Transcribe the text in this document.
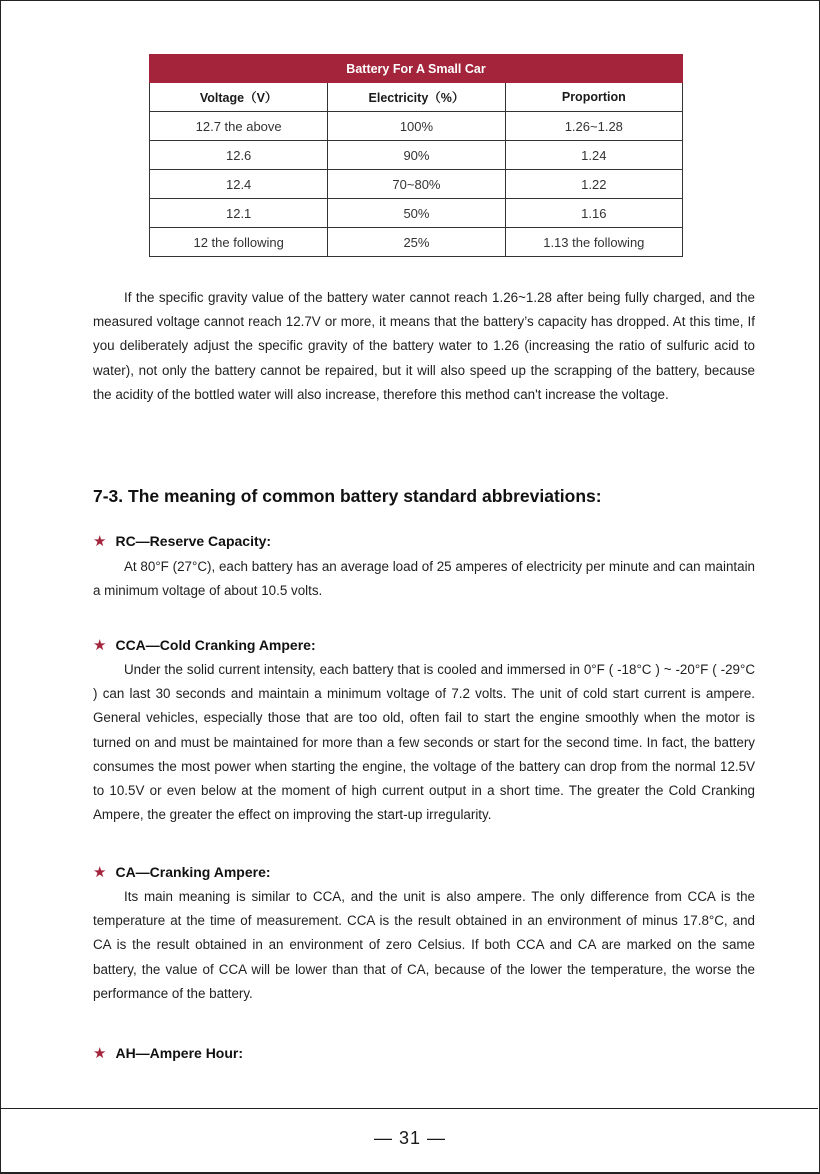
Battery For A Small Car		
Voltage（V）	Electricity（%）	Proportion
12.7 the above	100%	1.26~1.28
12.6	90%	1.24
12.4	70~80%	1.22
12.1	50%	1.16
12 the following	25%	1.13 the following
If the specific gravity value of the battery water cannot reach 1.26~1.28 after being fully charged, and the measured voltage cannot reach 12.7V or more, it means that the battery’s capacity has dropped. At this time, If you deliberately adjust the specific gravity of the battery water to 1.26 (increasing the ratio of sulfuric acid to water), not only the battery cannot be repaired, but it will also speed up the scrapping of the battery, because the acidity of the bottled water will also increase, therefore this method can't increase the voltage.
7-3. The meaning of common battery standard abbreviations:
★ RC—Reserve Capacity:
At 80°F (27°C), each battery has an average load of 25 amperes of electricity per minute and can maintain a minimum voltage of about 10.5 volts.
★ CCA—Cold Cranking Ampere:
Under the solid current intensity, each battery that is cooled and immersed in 0°F ( -18°C ) ~ -20°F ( -29°C ) can last 30 seconds and maintain a minimum voltage of 7.2 volts. The unit of cold start current is ampere. General vehicles, especially those that are too old, often fail to start the engine smoothly when the motor is turned on and must be maintained for more than a few seconds or start for the second time. In fact, the battery consumes the most power when starting the engine, the voltage of the battery can drop from the normal 12.5V to 10.5V or even below at the moment of high current output in a short time. The greater the Cold Cranking Ampere, the greater the effect on improving the start-up irregularity.
★ CA—Cranking Ampere:
Its main meaning is similar to CCA, and the unit is also ampere. The only difference from CCA is the temperature at the time of measurement. CCA is the result obtained in an environment of minus 17.8°C, and CA is the result obtained in an environment of zero Celsius. If both CCA and CA are marked on the same battery, the value of CCA will be lower than that of CA, because of the lower the temperature, the worse the performance of the battery.
★ AH—Ampere Hour:
— 31 —
